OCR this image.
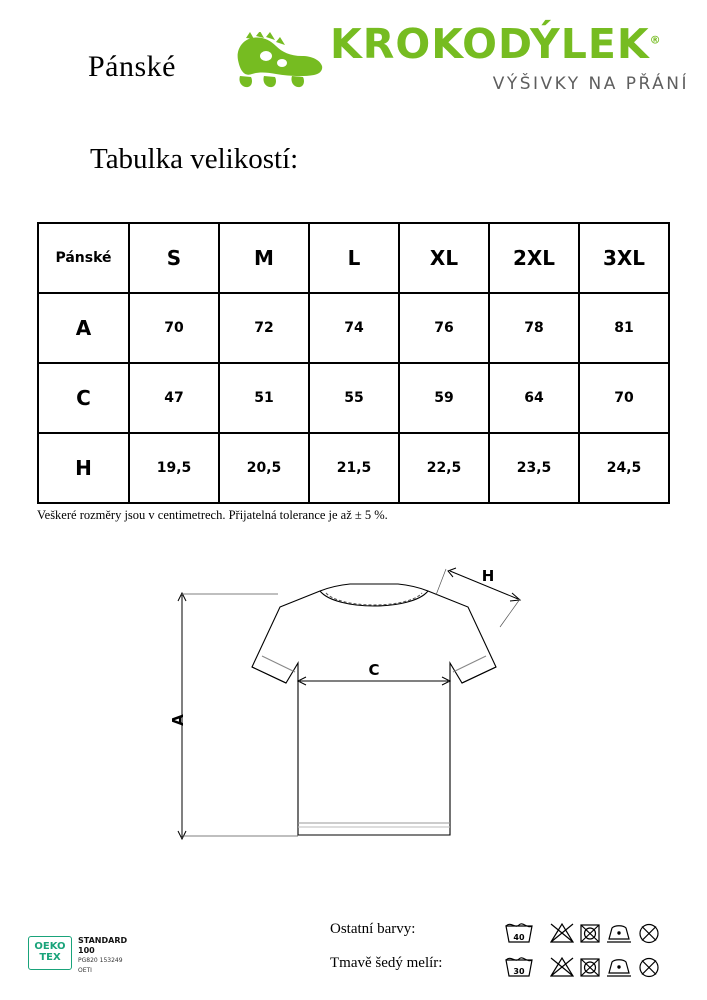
Pánské	KROKODÝLEK®
VÝŠIVKY NA PŘÁNÍ
Tabulka velikostí:
Pánské	S	M	L	XL	2XL	3XL
A	70	72	74	76	78	81
C	47	51	55	59	64	70
H	19,5	20,5	21,5	22,5	23,5	24,5
Veškeré rozměry jsou v centimetrech. Přijatelná tolerance je až ± 5 %.
A
C
H
OEKO
TEX
STANDARD
100
PG820 153249
OETI
Ostatní barvy:
40
Tmavě šedý melír:
30
